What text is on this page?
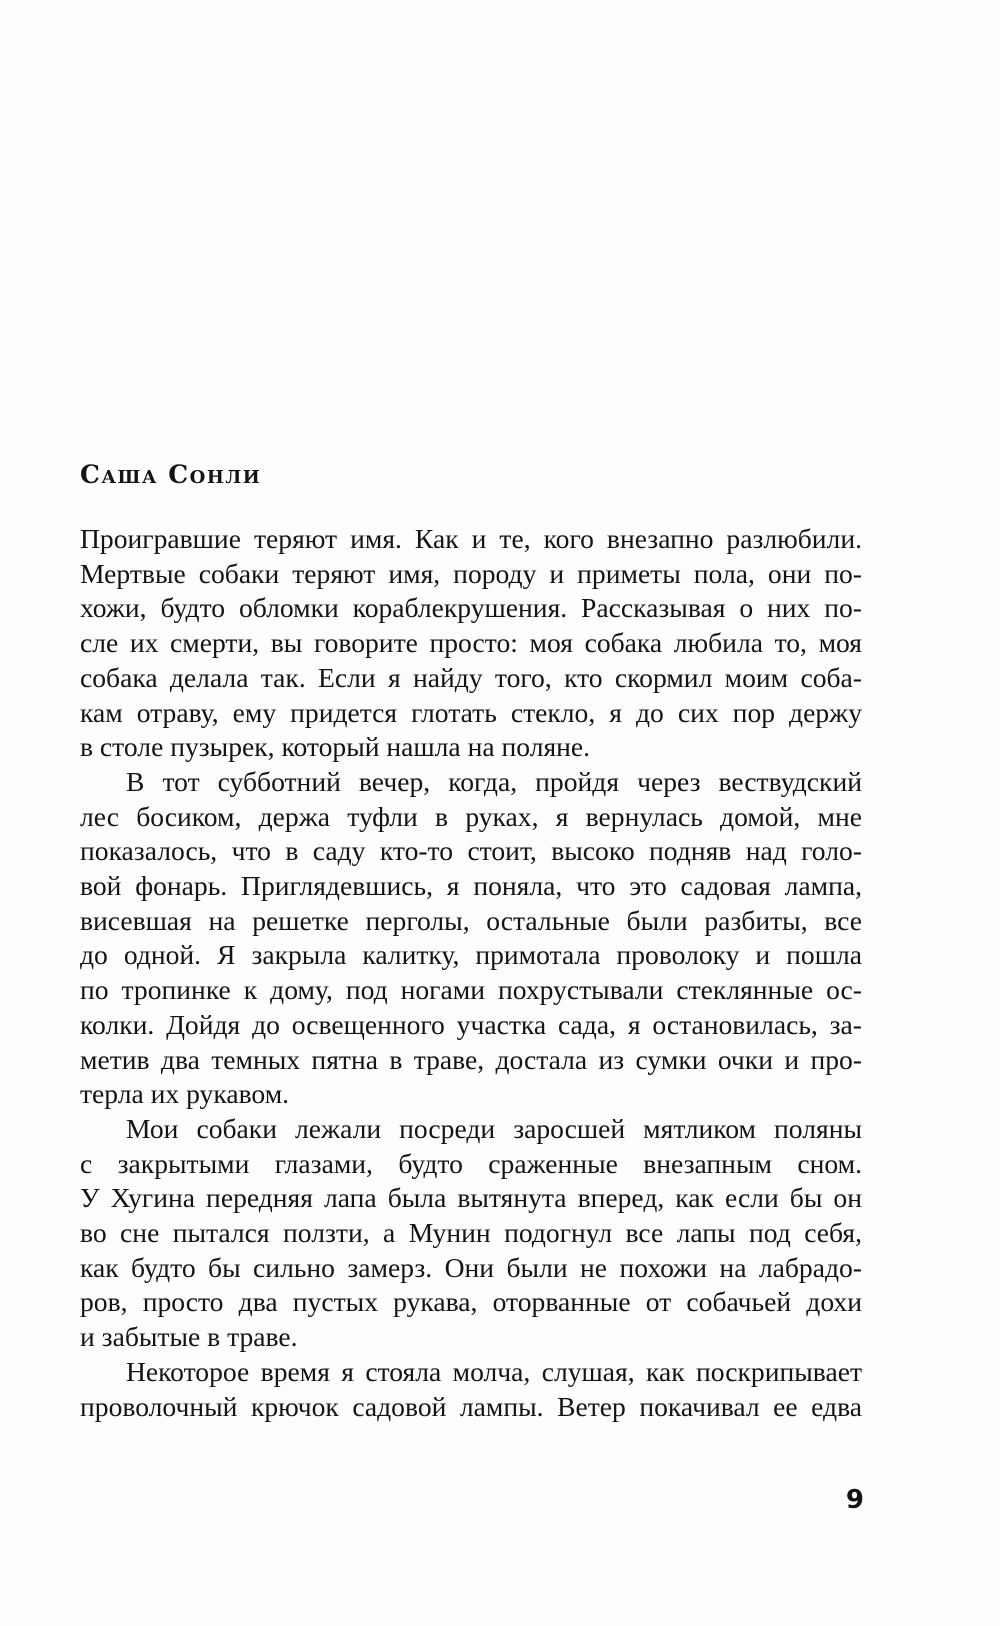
Саша Сонли

Проигравшие теряют имя. Как и те, кого внезапно разлюбили.
Мертвые собаки теряют имя, породу и приметы пола, они по-
хожи, будто обломки кораблекрушения. Рассказывая о них по-
сле их смерти, вы говорите просто: моя собака любила то, моя
собака делала так. Если я найду того, кто скормил моим соба-
кам отраву, ему придется глотать стекло, я до сих пор держу
в столе пузырек, который нашла на поляне.

В тот субботний вечер, когда, пройдя через вествудский
лес босиком, держа туфли в руках, я вернулась домой, мне
показалось, что в саду кто-то стоит, высоко подняв над голо-
вой фонарь. Приглядевшись, я поняла, что это садовая лампа,
висевшая на решетке перголы, остальные были разбиты, все
до одной. Я закрыла калитку, примотала проволоку и пошла
по тропинке к дому, под ногами похрустывали стеклянные ос-
колки. Дойдя до освещенного участка сада, я остановилась, за-
метив два темных пятна в траве, достала из сумки очки и про-
терла их рукавом.

Мои собаки лежали посреди заросшей мятликом поляны
с закрытыми глазами, будто сраженные внезапным сном.
У Хугина передняя лапа была вытянута вперед, как если бы он
во сне пытался ползти, а Мунин подогнул все лапы под себя,
как будто бы сильно замерз. Они были не похожи на лабрадо-
ров, просто два пустых рукава, оторванные от собачьей дохи
и забытые в траве.

Некоторое время я стояла молча, слушая, как поскрипывает
проволочный крючок садовой лампы. Ветер покачивал ее едва

9
